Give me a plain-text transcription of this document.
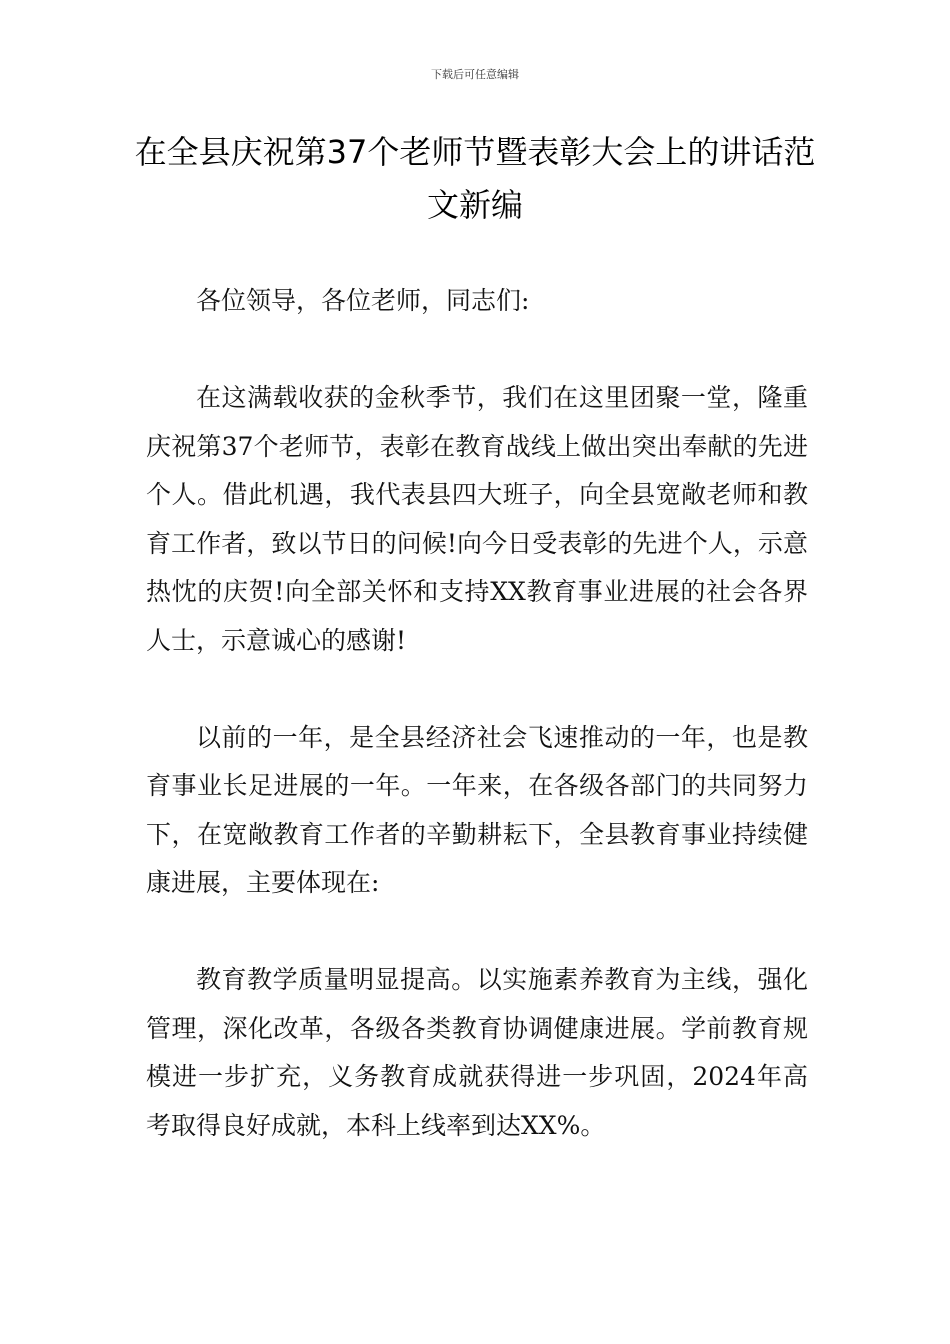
下载后可任意编辑
在全县庆祝第37个老师节暨表彰大会上的讲话范文新编

各位领导，各位老师，同志们:

在这满载收获的金秋季节，我们在这里团聚一堂，隆重庆祝第37个老师节，表彰在教育战线上做出突出奉献的先进个人。借此机遇，我代表县四大班子，向全县宽敞老师和教育工作者，致以节日的问候!向今日受表彰的先进个人，示意热忱的庆贺!向全部关怀和支持XX教育事业进展的社会各界人士，示意诚心的感谢!

以前的一年，是全县经济社会飞速推动的一年，也是教育事业长足进展的一年。一年来，在各级各部门的共同努力下，在宽敞教育工作者的辛勤耕耘下，全县教育事业持续健康进展，主要体现在:

教育教学质量明显提高。以实施素养教育为主线，强化管理，深化改革，各级各类教育协调健康进展。学前教育规模进一步扩充，义务教育成就获得进一步巩固，2024年高考取得良好成就，本科上线率到达XX%。
